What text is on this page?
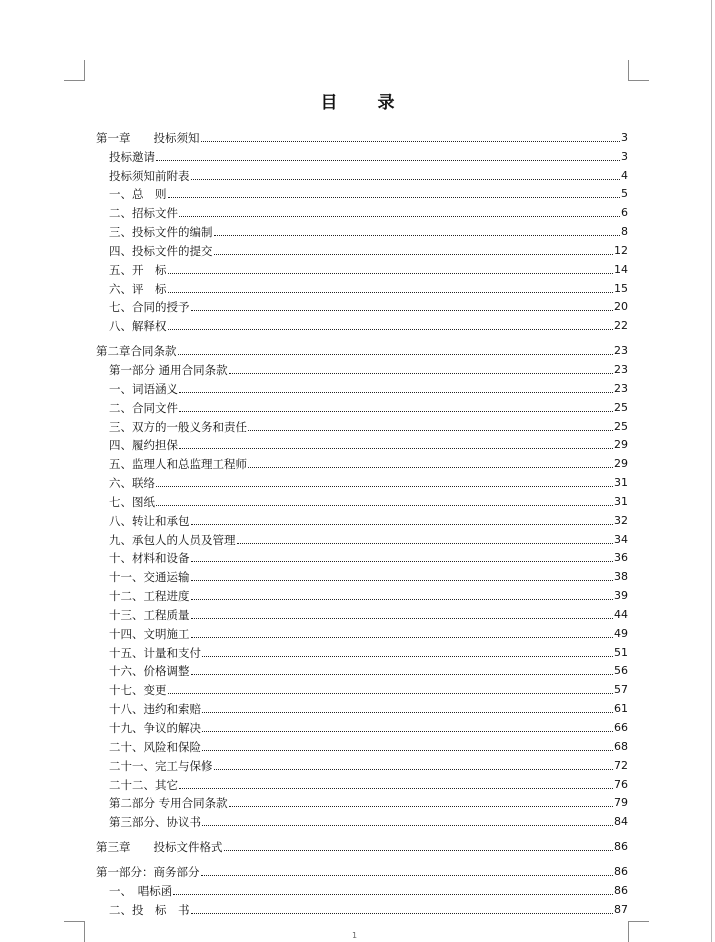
目录
第一章　　投标须知	3
投标邀请	3
投标须知前附表	4
一、总　则	5
二、招标文件	6
三、投标文件的编制	8
四、投标文件的提交	12
五、开　标	14
六、评　标	15
七、合同的授予	20
八、解释权	22
第二章合同条款	23
第一部分 通用合同条款	23
一、词语涵义	23
二、合同文件	25
三、双方的一般义务和责任	25
四、履约担保	29
五、监理人和总监理工程师	29
六、联络	31
七、图纸	31
八、转让和承包	32
九、承包人的人员及管理	34
十、材料和设备	36
十一、交通运输	38
十二、工程进度	39
十三、工程质量	44
十四、文明施工	49
十五、计量和支付	51
十六、价格调整	56
十七、变更	57
十八、违约和索赔	61
十九、争议的解决	66
二十、风险和保险	68
二十一、完工与保修	72
二十二、其它	76
第二部分 专用合同条款	79
第三部分、协议书	84
第三章　　投标文件格式	86
第一部分：商务部分	86
一、　唱标函	86
二、投　标　书	87
1
